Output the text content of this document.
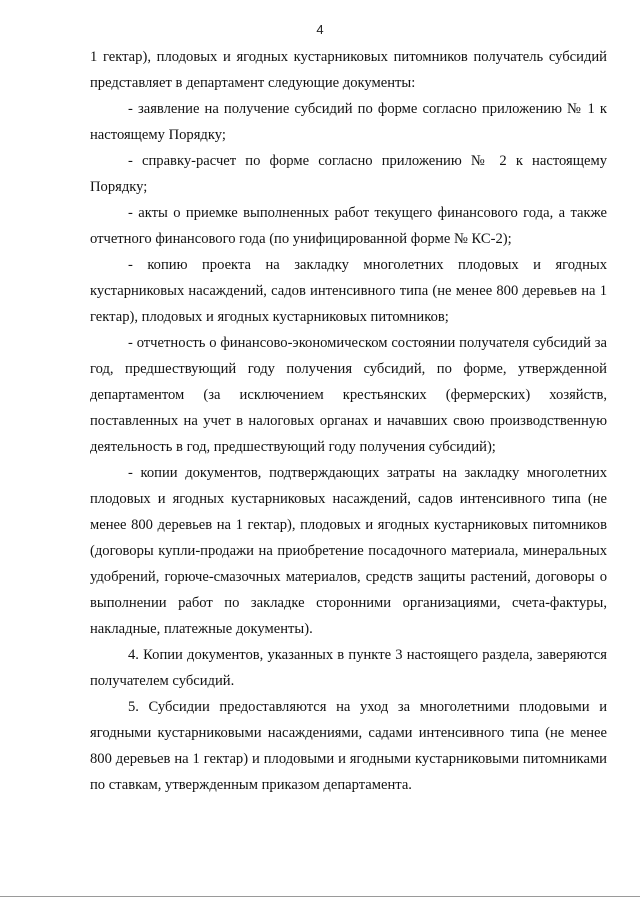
4

1 гектар), плодовых и ягодных кустарниковых питомников получатель субсидий представляет в департамент следующие документы:

- заявление на получение субсидий по форме согласно приложению № 1 к настоящему Порядку;

- справку-расчет по форме согласно приложению № 2 к настоящему Порядку;

- акты о приемке выполненных работ текущего финансового года, а также отчетного финансового года (по унифицированной форме № КС-2);

- копию проекта на закладку многолетних плодовых и ягодных кустарниковых насаждений, садов интенсивного типа (не менее 800 деревьев на 1 гектар), плодовых и ягодных кустарниковых питомников;

- отчетность о финансово-экономическом состоянии получателя субсидий за год, предшествующий году получения субсидий, по форме, утвержденной департаментом (за исключением крестьянских (фермерских) хозяйств, поставленных на учет в налоговых органах и начавших свою производственную деятельность в год, предшествующий году получения субсидий);

- копии документов, подтверждающих затраты на закладку многолетних плодовых и ягодных кустарниковых насаждений, садов интенсивного типа (не менее 800 деревьев на 1 гектар), плодовых и ягодных кустарниковых питомников (договоры купли-продажи на приобретение посадочного материала, минеральных удобрений, горюче-смазочных материалов, средств защиты растений, договоры о выполнении работ по закладке сторонними организациями, счета-фактуры, накладные, платежные документы).

4. Копии документов, указанных в пункте 3 настоящего раздела, заверяются получателем субсидий.

5. Субсидии предоставляются на уход за многолетними плодовыми и ягодными кустарниковыми насаждениями, садами интенсивного типа (не менее 800 деревьев на 1 гектар) и плодовыми и ягодными кустарниковыми питомниками по ставкам, утвержденным приказом департамента.
